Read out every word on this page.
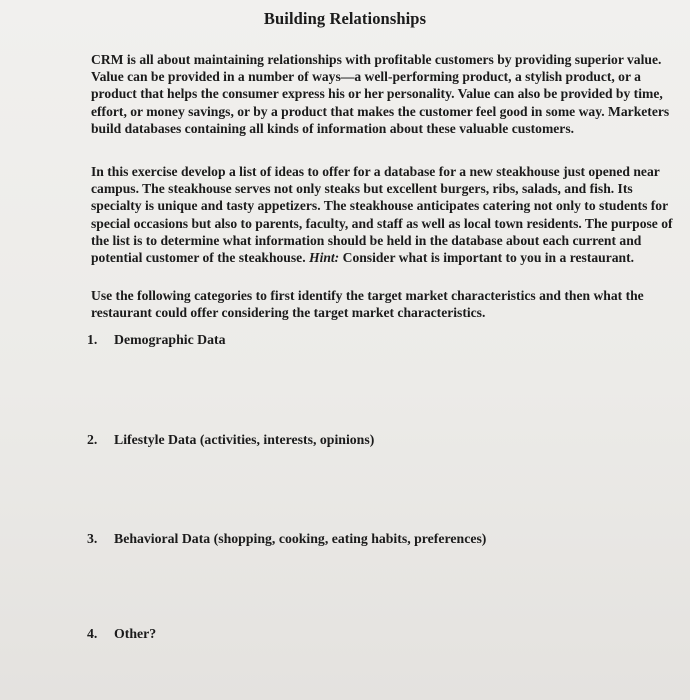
Building Relationships
CRM is all about maintaining relationships with profitable customers by providing superior value. Value can be provided in a number of ways—a well-performing product, a stylish product, or a product that helps the consumer express his or her personality. Value can also be provided by time, effort, or money savings, or by a product that makes the customer feel good in some way. Marketers build databases containing all kinds of information about these valuable customers.
In this exercise develop a list of ideas to offer for a database for a new steakhouse just opened near campus. The steakhouse serves not only steaks but excellent burgers, ribs, salads, and fish. Its specialty is unique and tasty appetizers. The steakhouse anticipates catering not only to students for special occasions but also to parents, faculty, and staff as well as local town residents. The purpose of the list is to determine what information should be held in the database about each current and potential customer of the steakhouse. Hint: Consider what is important to you in a restaurant.
Use the following categories to first identify the target market characteristics and then what the restaurant could offer considering the target market characteristics.
1. Demographic Data
2. Lifestyle Data (activities, interests, opinions)
3. Behavioral Data (shopping, cooking, eating habits, preferences)
4. Other?
